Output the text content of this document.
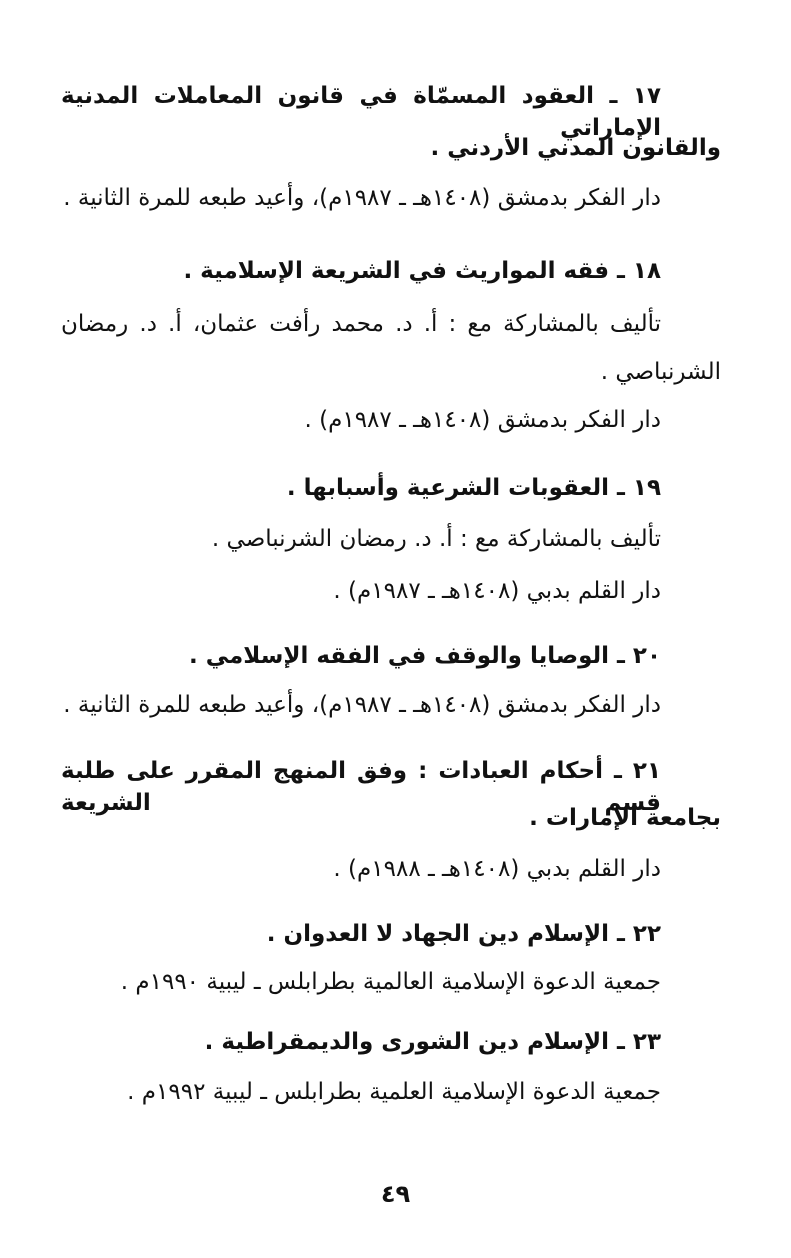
١٧ ـ العقود المسمّاة في قانون المعاملات المدنية الإماراتي
والقانون المدني الأردني .
دار الفكر بدمشق (١٤٠٨هـ ـ ١٩٨٧م)، وأعيد طبعه للمرة الثانية .
١٨ ـ فقه المواريث في الشريعة الإسلامية .
تأليف بالمشاركة مع : أ. د. محمد رأفت عثمان، أ. د. رمضان
الشرنباصي .
دار الفكر بدمشق (١٤٠٨هـ ـ ١٩٨٧م) .
١٩ ـ العقوبات الشرعية وأسبابها .
تأليف بالمشاركة مع : أ. د. رمضان الشرنباصي .
دار القلم بدبي (١٤٠٨هـ ـ ١٩٨٧م) .
٢٠ ـ الوصايا والوقف في الفقه الإسلامي .
دار الفكر بدمشق (١٤٠٨هـ ـ ١٩٨٧م)، وأعيد طبعه للمرة الثانية .
٢١ ـ أحكام العبادات : وفق المنهج المقرر على طلبة قسم الشريعة
بجامعة الإمارات .
دار القلم بدبي (١٤٠٨هـ ـ ١٩٨٨م) .
٢٢ ـ الإسلام دين الجهاد لا العدوان .
جمعية الدعوة الإسلامية العالمية بطرابلس ـ ليبية ١٩٩٠م .
٢٣ ـ الإسلام دين الشورى والديمقراطية .
جمعية الدعوة الإسلامية العلمية بطرابلس ـ ليبية ١٩٩٢م .
٤٩
